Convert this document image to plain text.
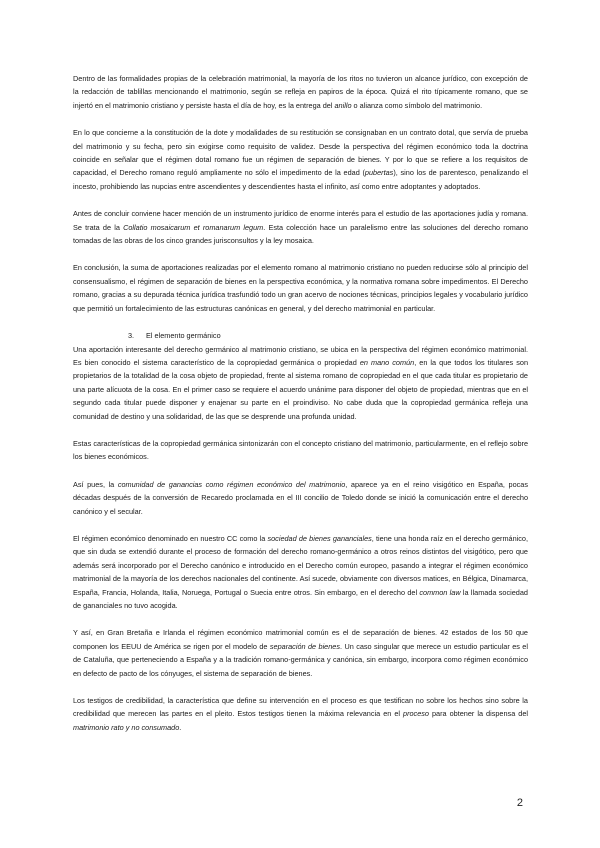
Dentro de las formalidades propias de la celebración matrimonial, la mayoría de los ritos no tuvieron un alcance jurídico, con excepción de la redacción de tablillas mencionando el matrimonio, según se refleja en papiros de la época. Quizá el rito típicamente romano, que se injertó en el matrimonio cristiano y persiste hasta el día de hoy, es la entrega del anillo o alianza como símbolo del matrimonio.

En lo que concierne a la constitución de la dote y modalidades de su restitución se consignaban en un contrato dotal, que servía de prueba del matrimonio y su fecha, pero sin exigirse como requisito de validez. Desde la perspectiva del régimen económico toda la doctrina coincide en señalar que el régimen dotal romano fue un régimen de separación de bienes. Y por lo que se refiere a los requisitos de capacidad, el Derecho romano reguló ampliamente no sólo el impedimento de la edad (pubertas), sino los de parentesco, penalizando el incesto, prohibiendo las nupcias entre ascendientes y descendientes hasta el infinito, así como entre adoptantes y adoptados.

Antes de concluir conviene hacer mención de un instrumento jurídico de enorme interés para el estudio de las aportaciones judía y romana. Se trata de la Collatio mosaicarum et romanarum legum. Esta colección hace un paralelismo entre las soluciones del derecho romano tomadas de las obras de los cinco grandes jurisconsultos y la ley mosaica.

En conclusión, la suma de aportaciones realizadas por el elemento romano al matrimonio cristiano no pueden reducirse sólo al principio del consensualismo, el régimen de separación de bienes en la perspectiva económica, y la normativa romana sobre impedimentos. El Derecho romano, gracias a su depurada técnica jurídica trasfundió todo un gran acervo de nociones técnicas, principios legales y vocabulario jurídico que permitió un fortalecimiento de las estructuras canónicas en general, y del derecho matrimonial en particular.

3. El elemento germánico

Una aportación interesante del derecho germánico al matrimonio cristiano, se ubica en la perspectiva del régimen económico matrimonial. Es bien conocido el sistema característico de la copropiedad germánica o propiedad en mano común, en la que todos los titulares son propietarios de la totalidad de la cosa objeto de propiedad, frente al sistema romano de copropiedad en el que cada titular es propietario de una parte alícuota de la cosa. En el primer caso se requiere el acuerdo unánime para disponer del objeto de propiedad, mientras que en el segundo cada titular puede disponer y enajenar su parte en el proindiviso. No cabe duda que la copropiedad germánica refleja una comunidad de destino y una solidaridad, de las que se desprende una profunda unidad.

Estas características de la copropiedad germánica sintonizarán con el concepto cristiano del matrimonio, particularmente, en el reflejo sobre los bienes económicos.

Así pues, la comunidad de ganancias como régimen económico del matrimonio, aparece ya en el reino visigótico en España, pocas décadas después de la conversión de Recaredo proclamada en el III concilio de Toledo donde se inició la comunicación entre el derecho canónico y el secular.

El régimen económico denominado en nuestro CC como la sociedad de bienes gananciales, tiene una honda raíz en el derecho germánico, que sin duda se extendió durante el proceso de formación del derecho romano-germánico a otros reinos distintos del visigótico, pero que además será incorporado por el Derecho canónico e introducido en el Derecho común europeo, pasando a integrar el régimen económico matrimonial de la mayoría de los derechos nacionales del continente. Así sucede, obviamente con diversos matices, en Bélgica, Dinamarca, España, Francia, Holanda, Italia, Noruega, Portugal o Suecia entre otros. Sin embargo, en el derecho del common law la llamada sociedad de gananciales no tuvo acogida.

Y así, en Gran Bretaña e Irlanda el régimen económico matrimonial común es el de separación de bienes. 42 estados de los 50 que componen los EEUU de América se rigen por el modelo de separación de bienes. Un caso singular que merece un estudio particular es el de Cataluña, que perteneciendo a España y a la tradición romano-germánica y canónica, sin embargo, incorpora como régimen económico en defecto de pacto de los cónyuges, el sistema de separación de bienes.

Los testigos de credibilidad, la característica que define su intervención en el proceso es que testifican no sobre los hechos sino sobre la credibilidad que merecen las partes en el pleito. Estos testigos tienen la máxima relevancia en el proceso para obtener la dispensa del matrimonio rato y no consumado.

2
